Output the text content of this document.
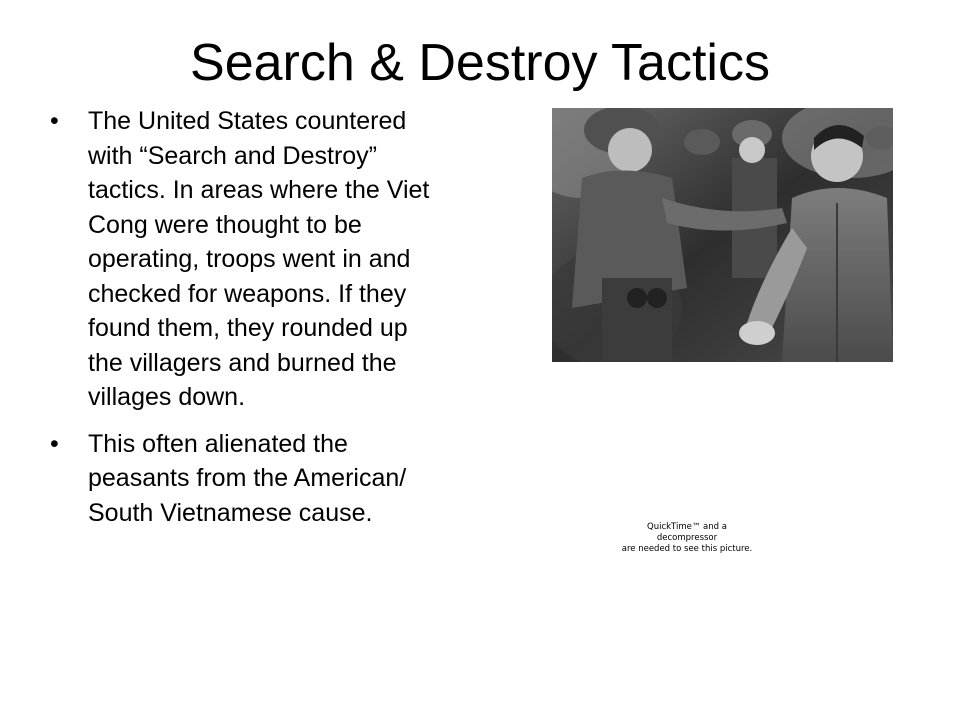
Search & Destroy Tactics
•	The United States countered with “Search and Destroy” tactics. In areas where the Viet Cong were thought to be operating, troops went in and checked for weapons. If they found them, they rounded up the villagers and burned the villages down.
•	This often alienated the peasants from the American/ South Vietnamese cause.
QuickTime™ and a
decompressor
are needed to see this picture.
